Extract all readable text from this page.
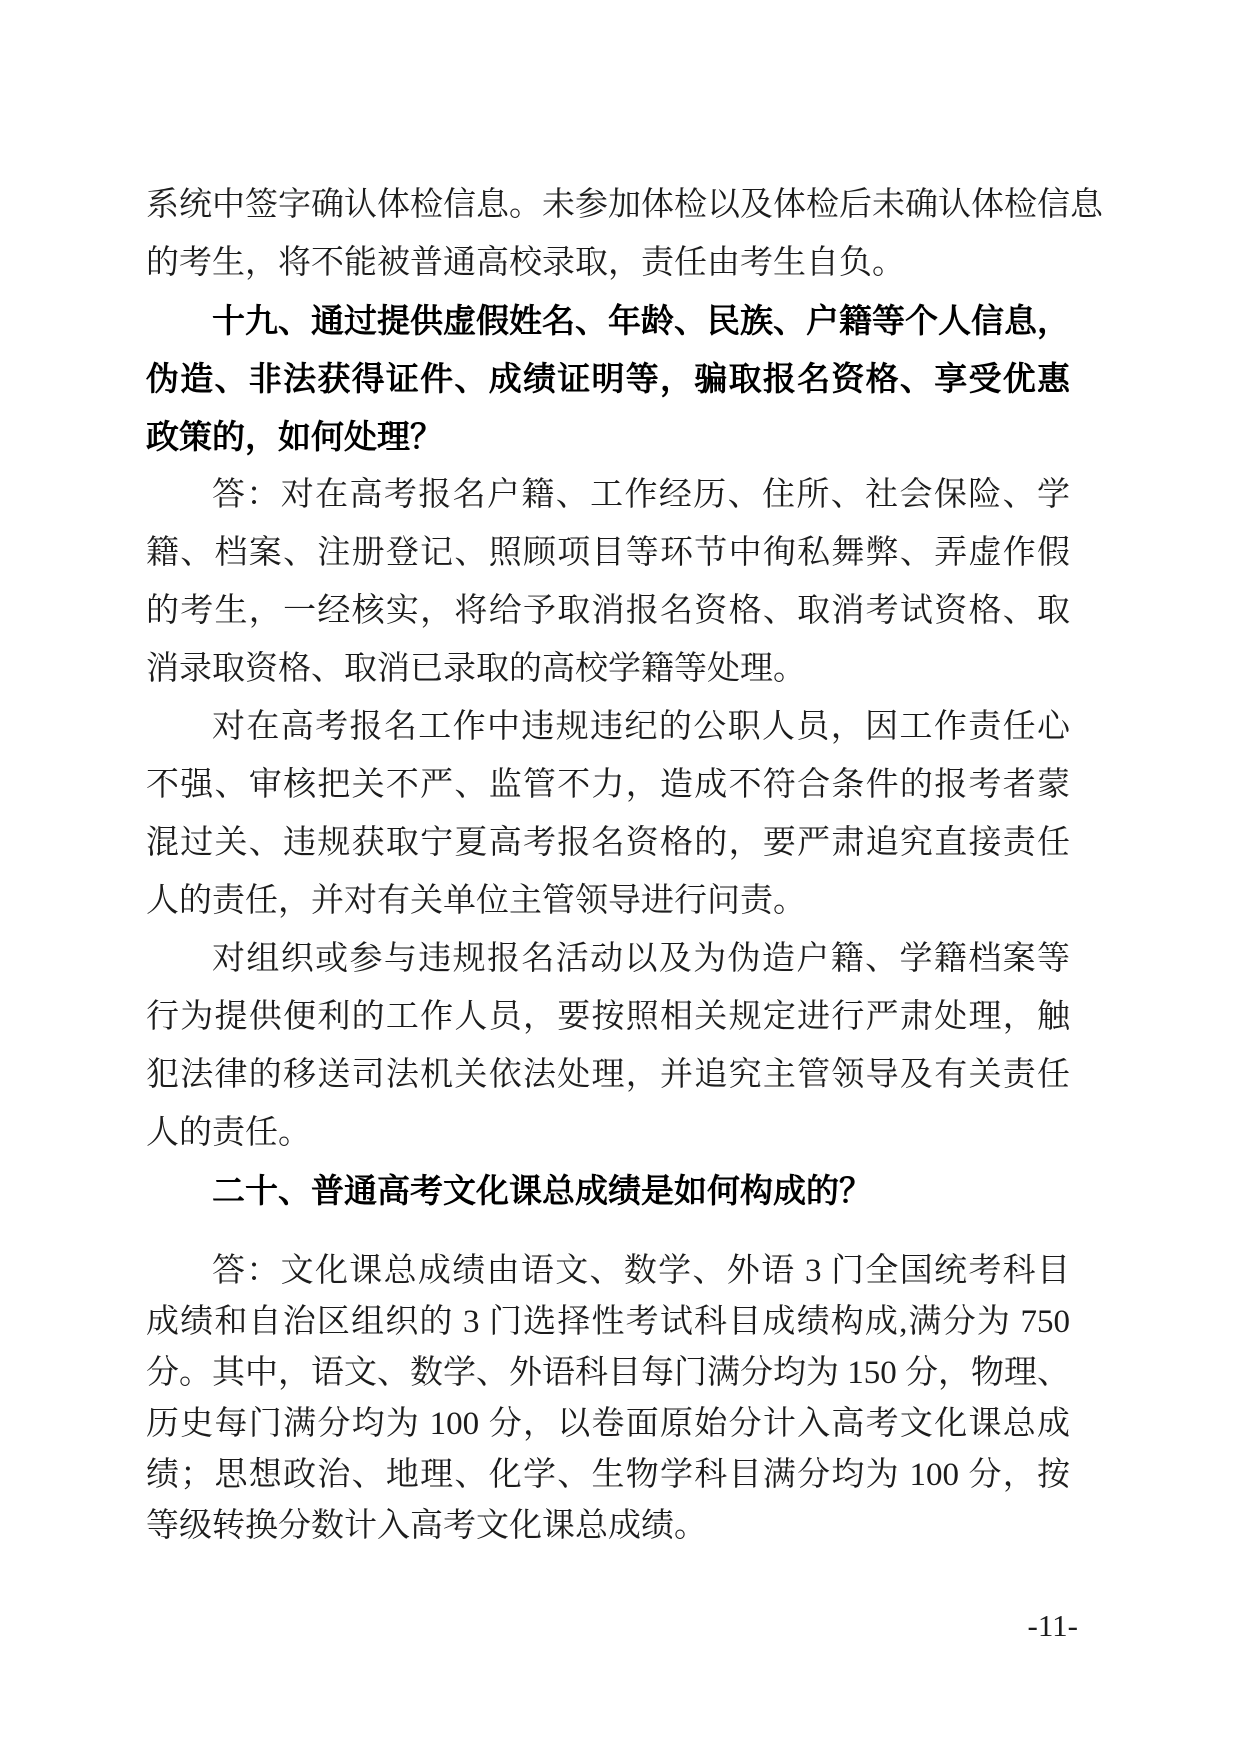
系统中签字确认体检信息。未参加体检以及体检后未确认体检信息
的考生，将不能被普通高校录取，责任由考生自负。
十九、通过提供虚假姓名、年龄、民族、户籍等个人信息，
伪造、非法获得证件、成绩证明等，骗取报名资格、享受优惠
政策的，如何处理？
答：对在高考报名户籍、工作经历、住所、社会保险、学
籍、档案、注册登记、照顾项目等环节中徇私舞弊、弄虚作假
的考生，一经核实，将给予取消报名资格、取消考试资格、取
消录取资格、取消已录取的高校学籍等处理。
对在高考报名工作中违规违纪的公职人员，因工作责任心
不强、审核把关不严、监管不力，造成不符合条件的报考者蒙
混过关、违规获取宁夏高考报名资格的，要严肃追究直接责任
人的责任，并对有关单位主管领导进行问责。
对组织或参与违规报名活动以及为伪造户籍、学籍档案等
行为提供便利的工作人员，要按照相关规定进行严肃处理，触
犯法律的移送司法机关依法处理，并追究主管领导及有关责任
人的责任。
二十、普通高考文化课总成绩是如何构成的？
答：文化课总成绩由语文、数学、外语 3 门全国统考科目
成绩和自治区组织的 3 门选择性考试科目成绩构成,满分为 750
分。其中，语文、数学、外语科目每门满分均为 150 分，物理、
历史每门满分均为 100 分，以卷面原始分计入高考文化课总成
绩；思想政治、地理、化学、生物学科目满分均为 100 分，按
等级转换分数计入高考文化课总成绩。
-11-
